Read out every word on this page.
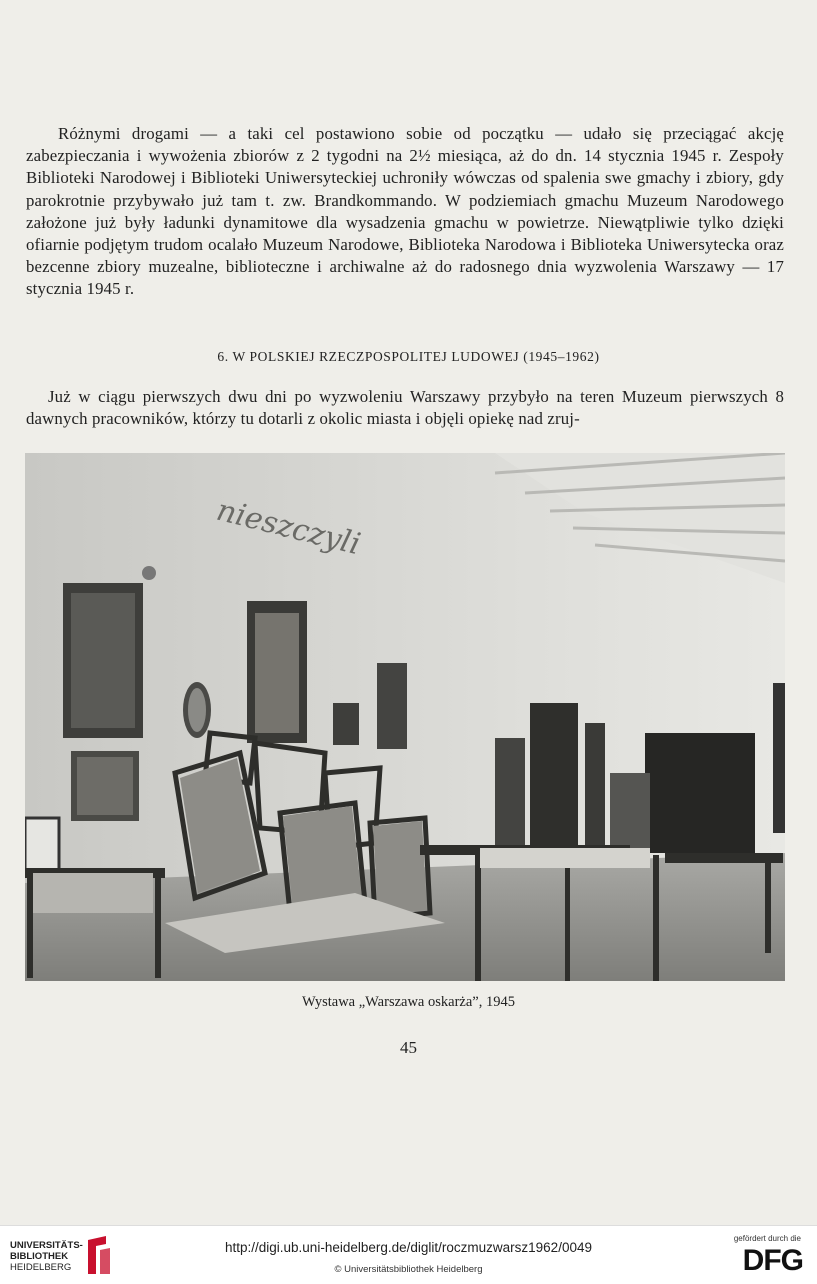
Różnymi drogami — a taki cel postawiono sobie od początku — udało się przeciągać akcję zabezpieczania i wywożenia zbiorów z 2 tygodni na 2½ miesiąca, aż do dn. 14 stycznia 1945 r. Zespoły Biblioteki Narodowej i Biblioteki Uniwersyteckiej uchroniły wówczas od spalenia swe gmachy i zbiory, gdy parokrotnie przybywało już tam t. zw. Brandkommando. W podziemiach gmachu Muzeum Narodowego założone już były ładunki dynamitowe dla wysadzenia gmachu w powietrze. Niewątpliwie tylko dzięki ofiarnie podjętym trudom ocalało Muzeum Narodowe, Biblioteka Narodowa i Biblioteka Uniwersytecka oraz bezcenne zbiory muzealne, biblioteczne i archiwalne aż do radosnego dnia wyzwolenia Warszawy — 17 stycznia 1945 r.
6. W POLSKIEJ RZECZPOSPOLITEJ LUDOWEJ (1945–1962)
Już w ciągu pierwszych dwu dni po wyzwoleniu Warszawy przybyło na teren Muzeum pierwszych 8 dawnych pracowników, którzy tu dotarli z okolic miasta i objęli opiekę nad zruj-
nieszczyli
Wystawa „Warszawa oskarża”, 1945
45
UNIVERSITÄTS-
BIBLIOTHEK
HEIDELBERG
http://digi.ub.uni-heidelberg.de/diglit/roczmuzwarsz1962/0049
© Universitätsbibliothek Heidelberg
gefördert durch die
DFG
